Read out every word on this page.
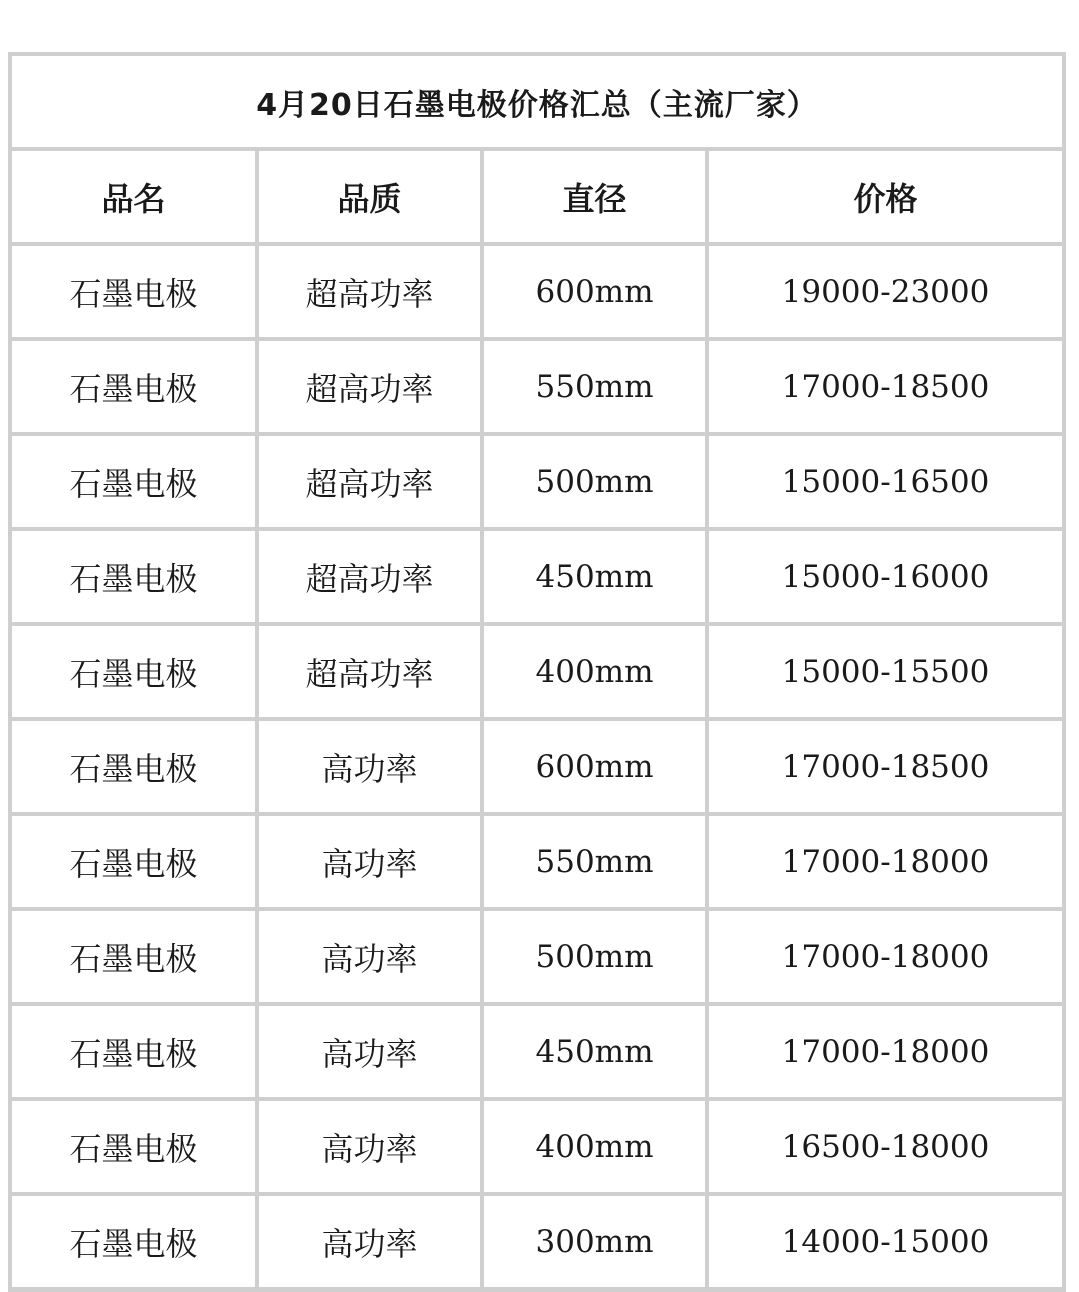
4月20日石墨电极价格汇总（主流厂家）			
品名	品质	直径	价格
石墨电极	超高功率	600mm	19000-23000
石墨电极	超高功率	550mm	17000-18500
石墨电极	超高功率	500mm	15000-16500
石墨电极	超高功率	450mm	15000-16000
石墨电极	超高功率	400mm	15000-15500
石墨电极	高功率	600mm	17000-18500
石墨电极	高功率	550mm	17000-18000
石墨电极	高功率	500mm	17000-18000
石墨电极	高功率	450mm	17000-18000
石墨电极	高功率	400mm	16500-18000
石墨电极	高功率	300mm	14000-15000
